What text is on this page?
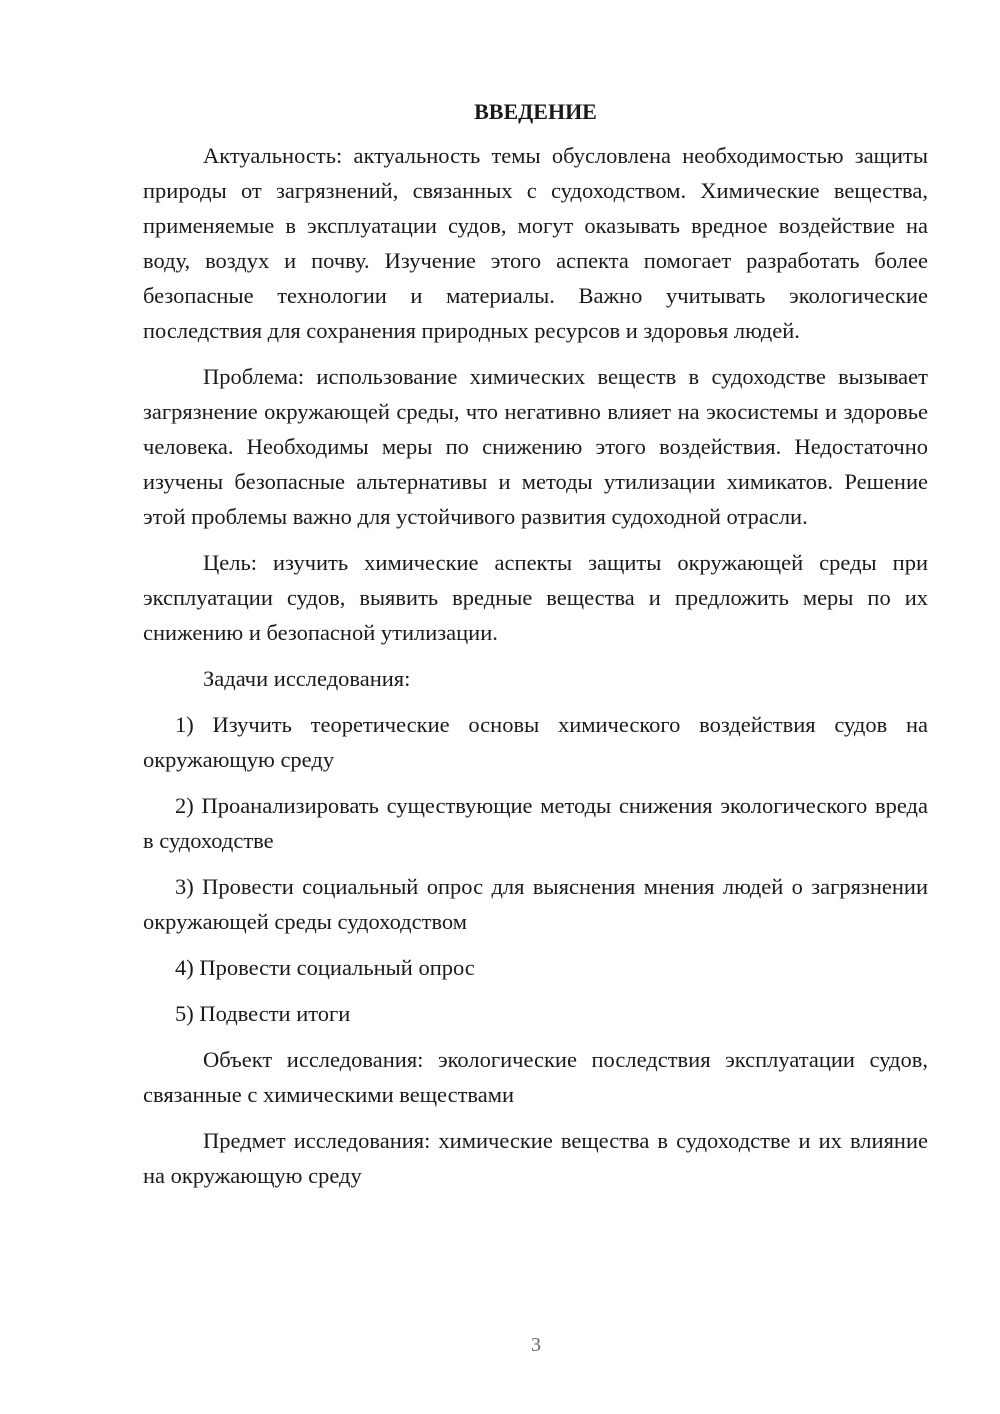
ВВЕДЕНИЕ

Актуальность: актуальность темы обусловлена необходимостью защиты природы от загрязнений, связанных с судоходством. Химические вещества, применяемые в эксплуатации судов, могут оказывать вредное воздействие на воду, воздух и почву. Изучение этого аспекта помогает разработать более безопасные технологии и материалы. Важно учитывать экологические последствия для сохранения природных ресурсов и здоровья людей.

Проблема: использование химических веществ в судоходстве вызывает загрязнение окружающей среды, что негативно влияет на экосистемы и здоровье человека. Необходимы меры по снижению этого воздействия. Недостаточно изучены безопасные альтернативы и методы утилизации химикатов. Решение этой проблемы важно для устойчивого развития судоходной отрасли.

Цель: изучить химические аспекты защиты окружающей среды при эксплуатации судов, выявить вредные вещества и предложить меры по их снижению и безопасной утилизации.

Задачи исследования:

1) Изучить теоретические основы химического воздействия судов на окружающую среду

2) Проанализировать существующие методы снижения экологического вреда в судоходстве

3) Провести социальный опрос для выяснения мнения людей о загрязнении окружающей среды судоходством

4) Провести социальный опрос

5) Подвести итоги

Объект исследования: экологические последствия эксплуатации судов, связанные с химическими веществами

Предмет исследования: химические вещества в судоходстве и их влияние на окружающую среду

3
